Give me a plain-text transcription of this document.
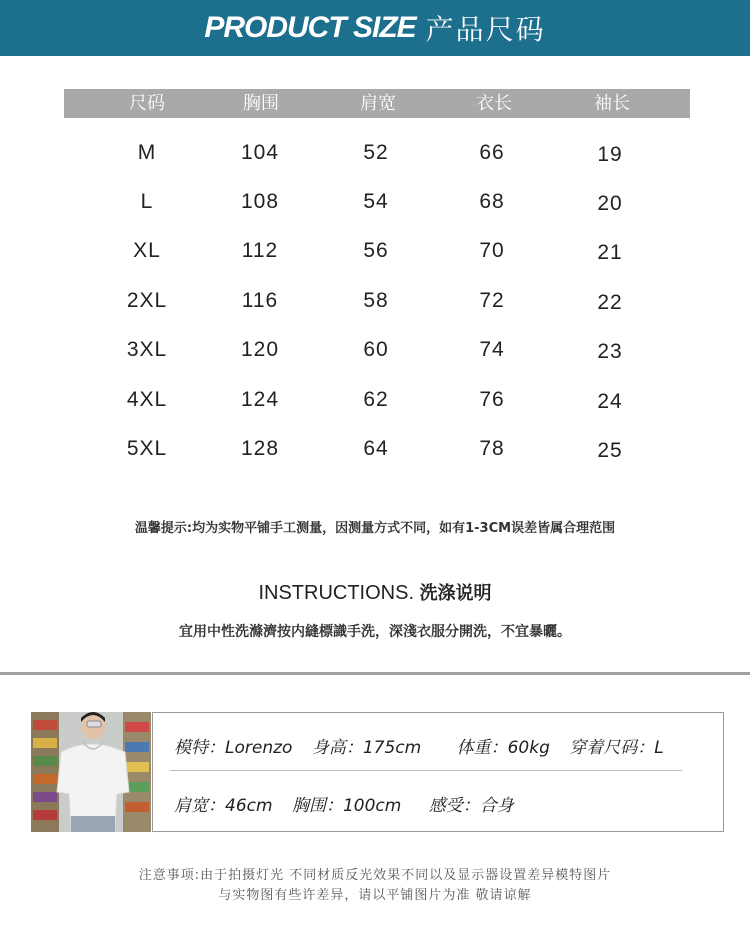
PRODUCT SIZE 产品尺码
尺码	胸围	肩宽	衣长	袖长
M	104	52	66	19
L	108	54	68	20
XL	112	56	70	21
2XL	116	58	72	22
3XL	120	60	74	23
4XL	124	62	76	24
5XL	128	64	78	25
温馨提示:均为实物平铺手工测量，因测量方式不同，如有1-3CM误差皆属合理范围
INSTRUCTIONS. 洗涤说明
宜用中性洗滌濟按内縫標識手洗，深淺衣服分開洗，不宜暴曬。
模特：Lorenzo 身高：175cm 体重：60kg 穿着尺码：L
肩宽：46cm 胸围：100cm 感受：合身
注意事项:由于拍摄灯光 不同材质反光效果不同以及显示器设置差异模特图片
与实物图有些许差异，请以平铺图片为准 敬请谅解
